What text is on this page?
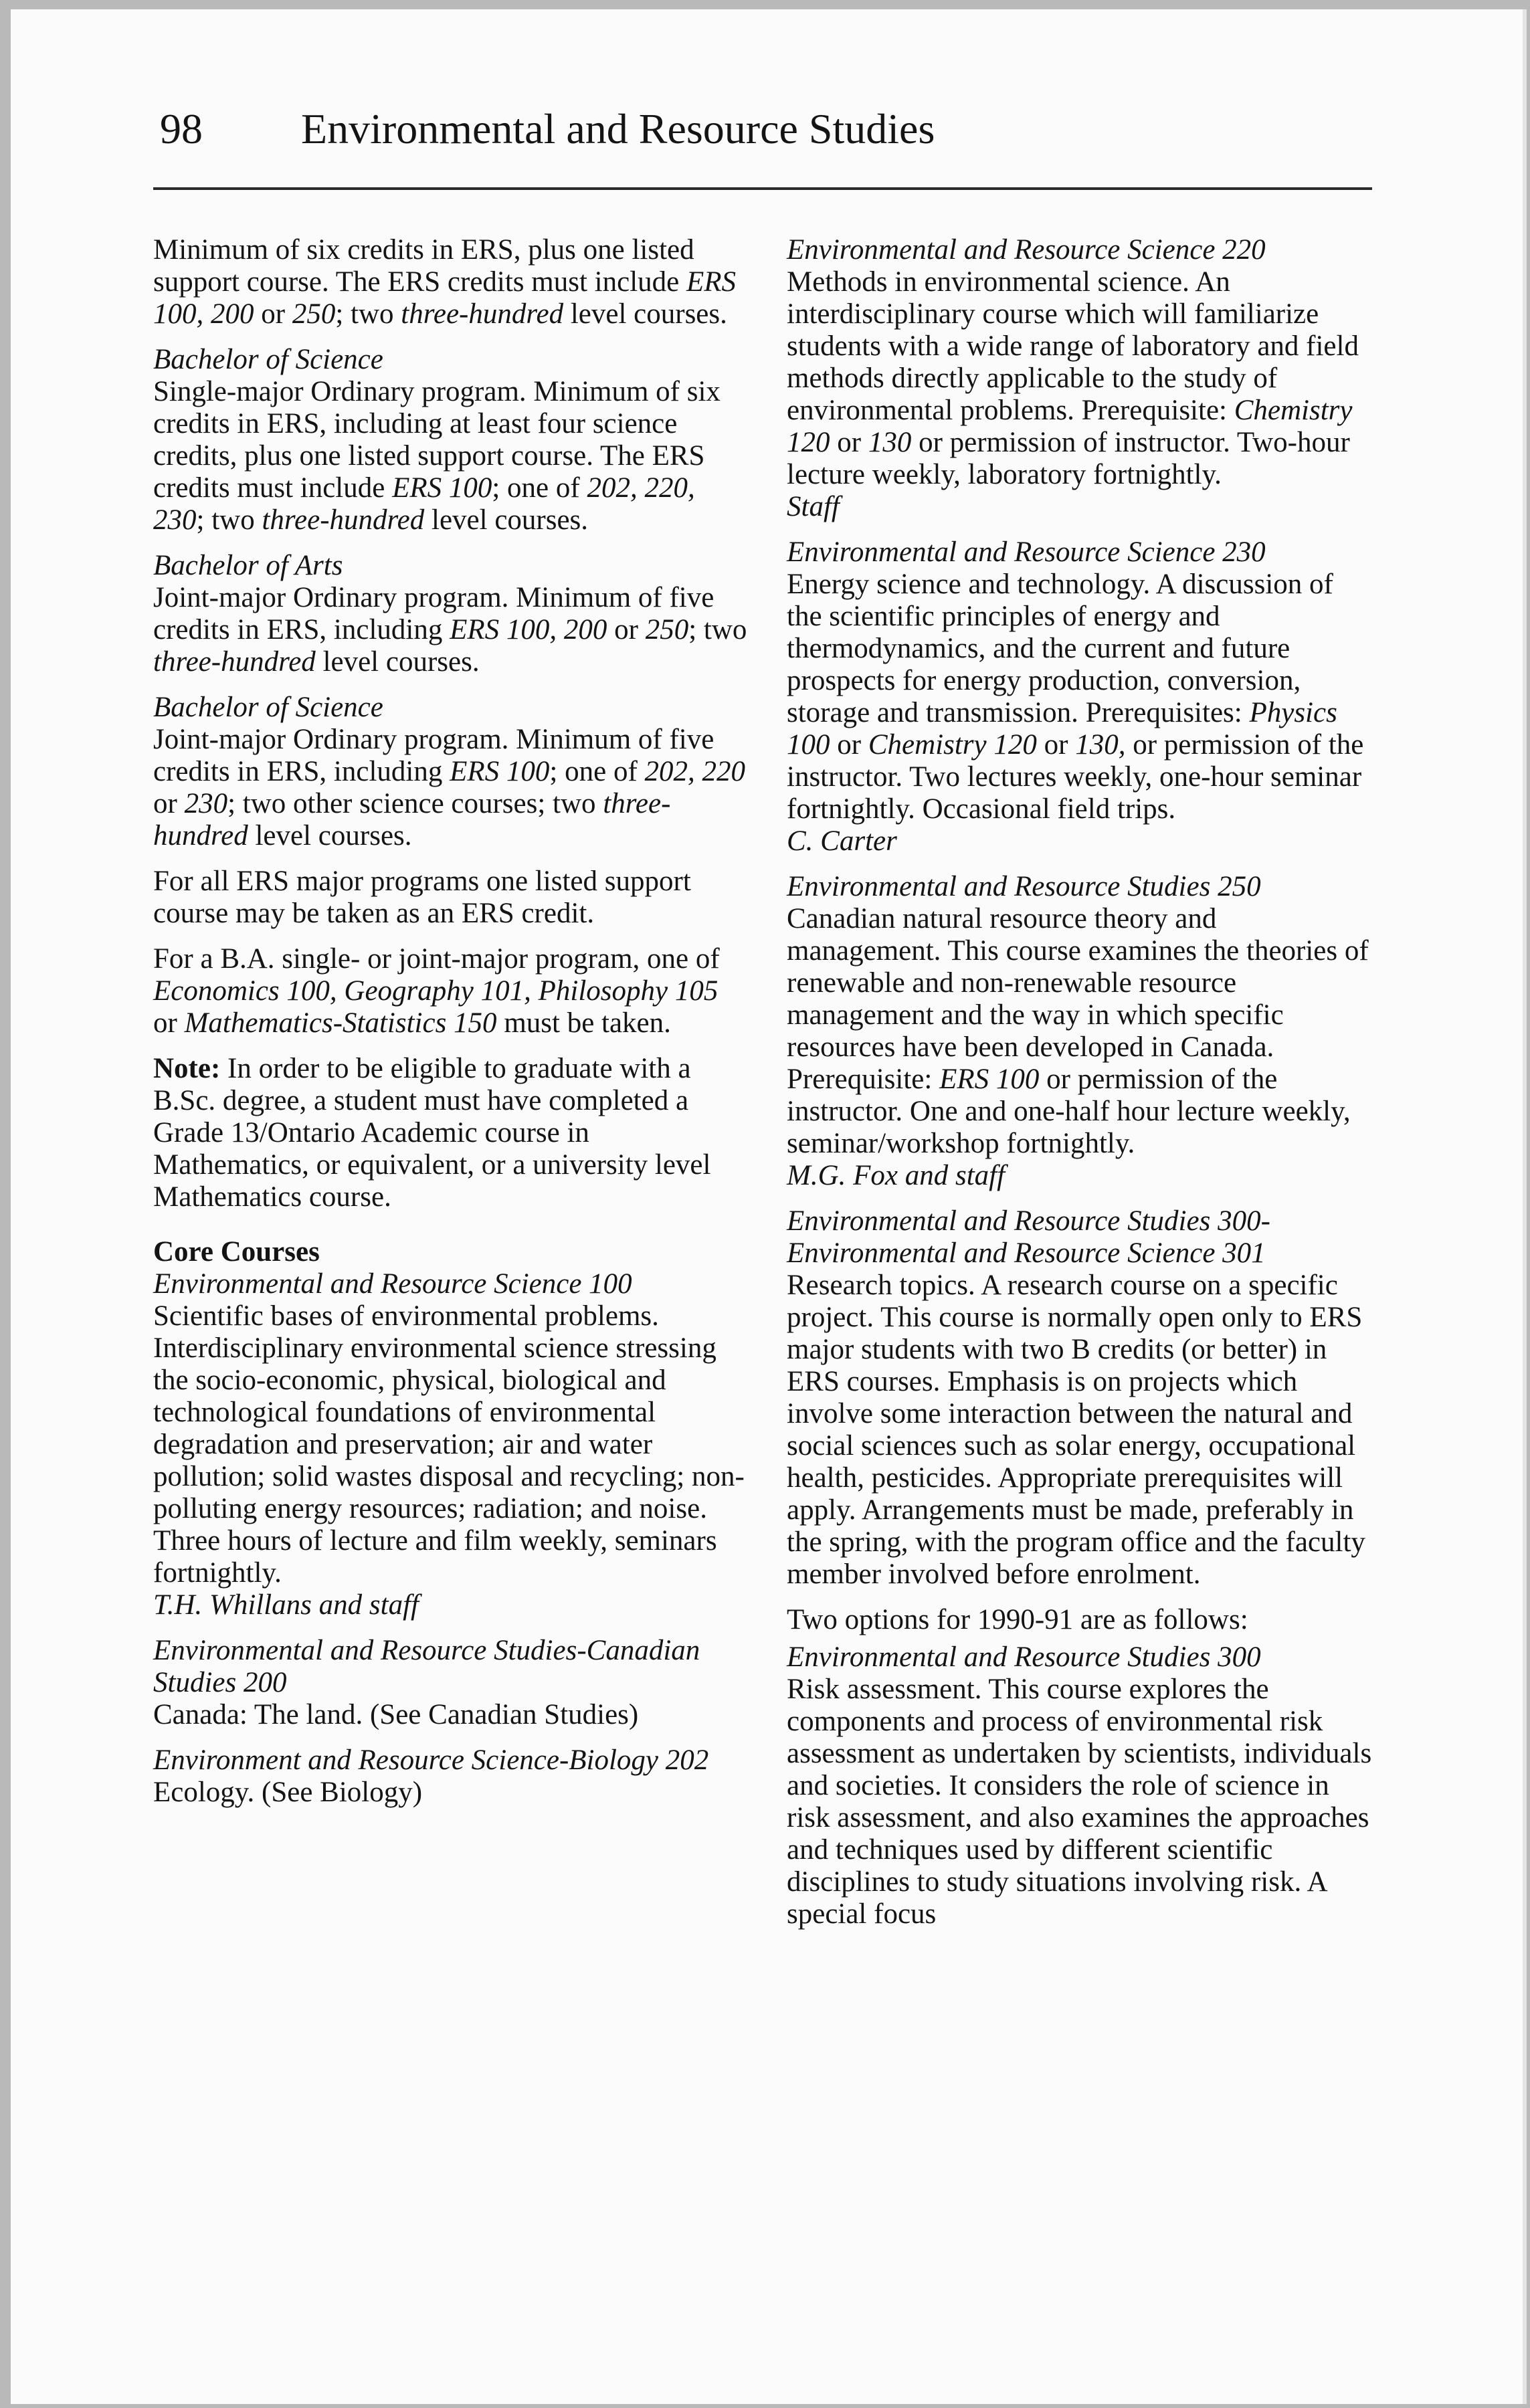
98 Environmental and Resource Studies

Minimum of six credits in ERS, plus one listed support course. The ERS credits must include ERS 100, 200 or 250; two three-hundred level courses.

Bachelor of Science

Single-major Ordinary program. Minimum of six credits in ERS, including at least four science credits, plus one listed support course. The ERS credits must include ERS 100; one of 202, 220, 230; two three-hundred level courses.

Bachelor of Arts

Joint-major Ordinary program. Minimum of five credits in ERS, including ERS 100, 200 or 250; two three-hundred level courses.

Bachelor of Science

Joint-major Ordinary program. Minimum of five credits in ERS, including ERS 100; one of 202, 220 or 230; two other science courses; two three-hundred level courses.

For all ERS major programs one listed support course may be taken as an ERS credit.

For a B.A. single- or joint-major program, one of Economics 100, Geography 101, Philosophy 105 or Mathematics-Statistics 150 must be taken.

Note: In order to be eligible to graduate with a B.Sc. degree, a student must have completed a Grade 13/Ontario Academic course in Mathematics, or equivalent, or a university level Mathematics course.

Core Courses

Environmental and Resource Science 100

Scientific bases of environmental problems. Interdisciplinary environmental science stressing the socio-economic, physical, biological and technological foundations of environmental degradation and preservation; air and water pollution; solid wastes disposal and recycling; non-polluting energy resources; radiation; and noise. Three hours of lecture and film weekly, seminars fortnightly.

T.H. Whillans and staff

Environmental and Resource Studies-Canadian Studies 200

Canada: The land. (See Canadian Studies)

Environment and Resource Science-Biology 202

Ecology. (See Biology)

Environmental and Resource Science 220

Methods in environmental science. An interdisciplinary course which will familiarize students with a wide range of laboratory and field methods directly applicable to the study of environmental problems. Prerequisite: Chemistry 120 or 130 or permission of instructor. Two-hour lecture weekly, laboratory fortnightly.

Staff

Environmental and Resource Science 230

Energy science and technology. A discussion of the scientific principles of energy and thermodynamics, and the current and future prospects for energy production, conversion, storage and transmission. Prerequisites: Physics 100 or Chemistry 120 or 130, or permission of the instructor. Two lectures weekly, one-hour seminar fortnightly. Occasional field trips.

C. Carter

Environmental and Resource Studies 250

Canadian natural resource theory and management. This course examines the theories of renewable and non-renewable resource management and the way in which specific resources have been developed in Canada. Prerequisite: ERS 100 or permission of the instructor. One and one-half hour lecture weekly, seminar/workshop fortnightly.

M.G. Fox and staff

Environmental and Resource Studies 300-Environmental and Resource Science 301

Research topics. A research course on a specific project. This course is normally open only to ERS major students with two B credits (or better) in ERS courses. Emphasis is on projects which involve some interaction between the natural and social sciences such as solar energy, occupational health, pesticides. Appropriate prerequisites will apply. Arrangements must be made, preferably in the spring, with the program office and the faculty member involved before enrolment.

Two options for 1990-91 are as follows:

Environmental and Resource Studies 300

Risk assessment. This course explores the components and process of environmental risk assessment as undertaken by scientists, individuals and societies. It considers the role of science in risk assessment, and also examines the approaches and techniques used by different scientific disciplines to study situations involving risk. A special focus
